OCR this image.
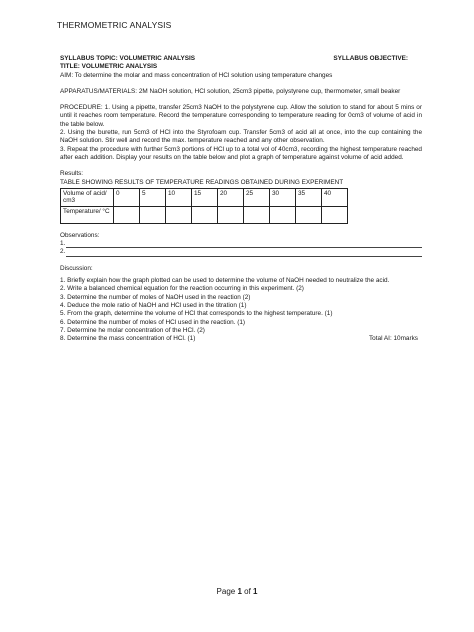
THERMOMETRIC ANALYSIS
SYLLABUS TOPIC: VOLUMETRIC ANALYSIS	SYLLABUS OBJECTIVE:
TITLE: VOLUMETRIC ANALYSIS
AIM: To determine the molar and mass concentration of HCl solution using temperature changes

APPARATUS/MATERIALS: 2M NaOH solution, HCl solution, 25cm3 pipette, polystyrene cup, thermometer, small beaker

PROCEDURE: 1. Using a pipette, transfer 25cm3 NaOH to the polystyrene cup. Allow the solution to stand for about 5 mins or until it reaches room temperature. Record the temperature corresponding to temperature reading for 0cm3 of volume of acid in the table below.

2. Using the burette, run 5cm3 of HCl into the Styrofoam cup. Transfer 5cm3 of acid all at once, into the cup containing the NaOH solution. Stir well and record the max. temperature reached and any other observation.

3. Repeat the procedure with further 5cm3 portions of HCl up to a total vol of 40cm3, recording the highest temperature reached after each addition. Display your results on the table below and plot a graph of temperature against volume of acid added.

Results:
TABLE SHOWING RESULTS OF TEMPERATURE READINGS OBTAINED DURING EXPERIMENT
Volume of acid/ cm3	0	5	10	15	20	25	30	35	40
Temperature/ °C									
Observations:
1.
2.
Discussion:

1. Briefly explain how the graph plotted can be used to determine the volume of NaOH needed to neutralize the acid.

2. Write a balanced chemical equation for the reaction occurring in this experiment. (2)

3. Determine the number of moles of NaOH used in the reaction (2)

4. Deduce the mole ratio of NaOH and HCl used in the titration (1)

5. From the graph, determine the volume of HCl that corresponds to the highest temperature. (1)

6. Determine the number of moles of HCl used in the reaction. (1)

7. Determine he molar concentration of the HCl. (2)

8. Determine the mass concentration of HCl. (1)	Total AI: 10marks
Page 1 of 1
